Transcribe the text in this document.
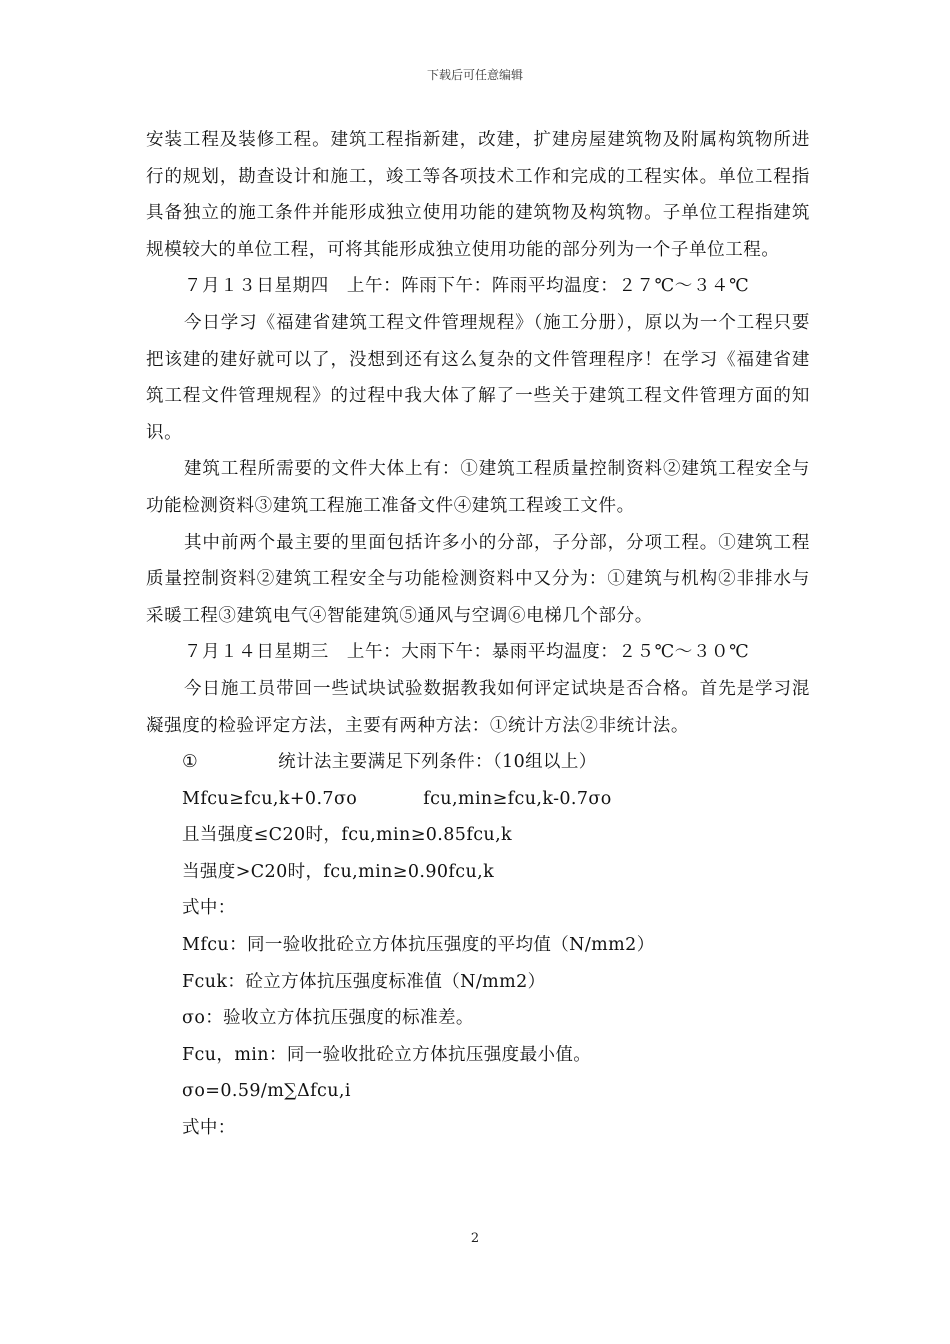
下载后可任意编辑

安装工程及装修工程。建筑工程指新建，改建，扩建房屋建筑物及附属构筑物所进行的规划，勘查设计和施工，竣工等各项技术工作和完成的工程实体。单位工程指具备独立的施工条件并能形成独立使用功能的建筑物及构筑物。子单位工程指建筑规模较大的单位工程，可将其能形成独立使用功能的部分列为一个子单位工程。

７月１３日星期四　上午：阵雨下午：阵雨平均温度：２７℃～３４℃

今日学习《福建省建筑工程文件管理规程》（施工分册），原以为一个工程只要把该建的建好就可以了，没想到还有这么复杂的文件管理程序！在学习《福建省建筑工程文件管理规程》的过程中我大体了解了一些关于建筑工程文件管理方面的知识。

建筑工程所需要的文件大体上有：①建筑工程质量控制资料②建筑工程安全与功能检测资料③建筑工程施工准备文件④建筑工程竣工文件。

其中前两个最主要的里面包括许多小的分部，子分部，分项工程。①建筑工程质量控制资料②建筑工程安全与功能检测资料中又分为：①建筑与机构②非排水与采暖工程③建筑电气④智能建筑⑤通风与空调⑥电梯几个部分。

７月１４日星期三　上午：大雨下午：暴雨平均温度：２５℃～３０℃

今日施工员带回一些试块试验数据教我如何评定试块是否合格。首先是学习混凝强度的检验评定方法，主要有两种方法：①统计方法②非统计法。

①	统计法主要满足下列条件：（10组以上）

Mfcu≥fcu,k+0.7σo	fcu,min≥fcu,k-0.7σo

且当强度≤C20时，fcu,min≥0.85fcu,k

当强度>C20时，fcu,min≥0.90fcu,k

式中：

Mfcu：同一验收批砼立方体抗压强度的平均值（N/mm2）

Fcuk：砼立方体抗压强度标准值（N/mm2）

σo：验收立方体抗压强度的标准差。

Fcu，min：同一验收批砼立方体抗压强度最小值。

σo=0.59/m∑Δfcu,i

式中：

2
